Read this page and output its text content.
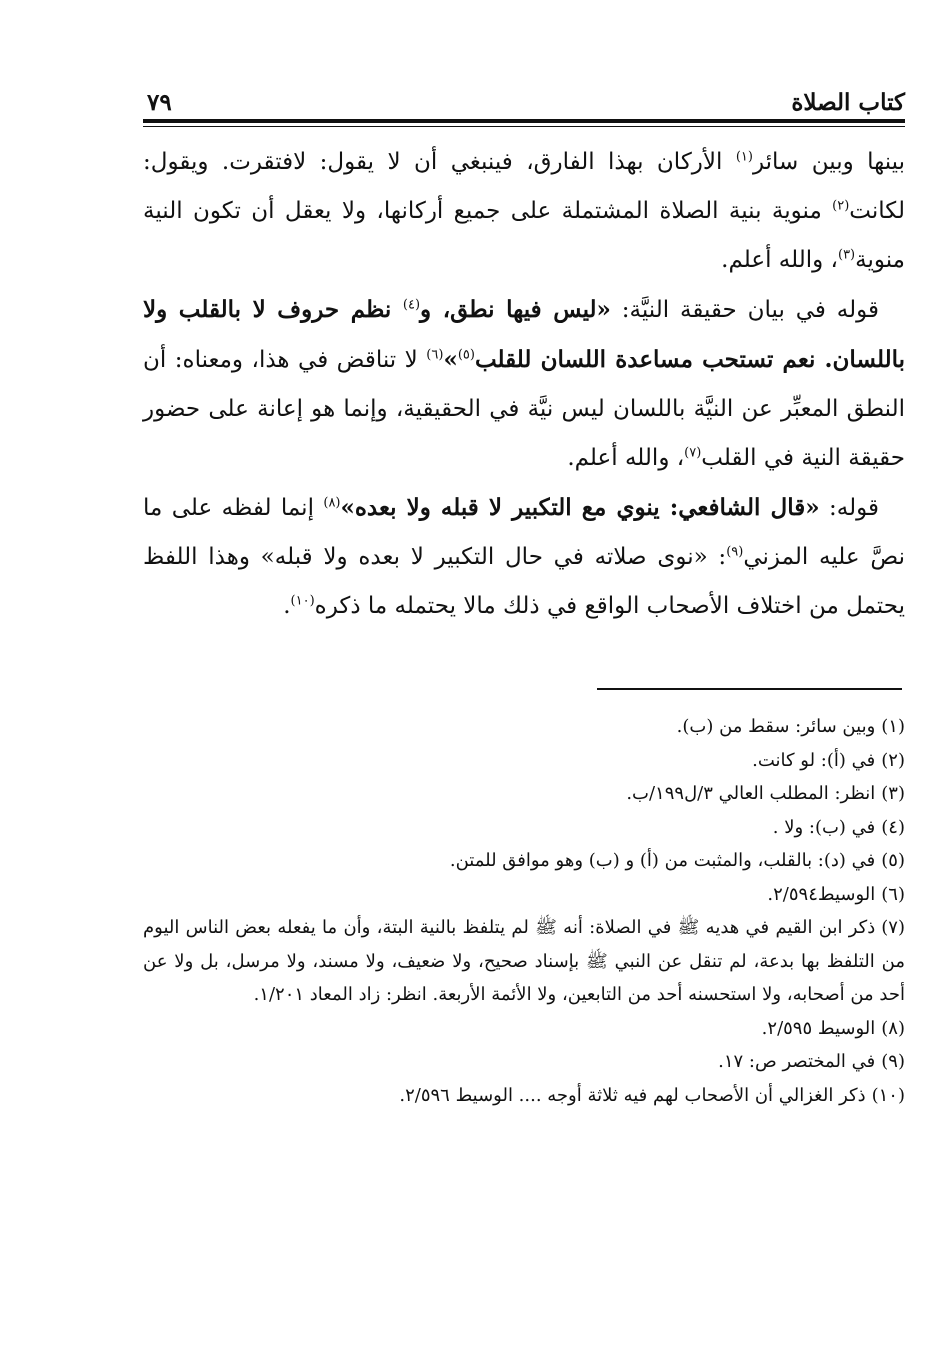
كتاب الصلاة
٧٩

بينها وبين سائر$^{(١)}$ الأركان بهذا الفارق، فينبغي أن لا يقول: لافتقرت. ويقول: لكانت$^{(٢)}$ منوية بنية الصلاة المشتملة على جميع أركانها، ولا يعقل أن تكون النية منوية$^{(٣)}$، والله أعلم.

قوله في بيان حقيقة النيَّة: «ليس فيها نطق، و$^{(٤)}$ نظم حروف لا بالقلب ولا باللسان. نعم تستحب مساعدة اللسان للقلب$^{(٥)}$»$^{(٦)}$ لا تناقض في هذا، ومعناه: أن النطق المعبِّر عن النيَّة باللسان ليس نيَّة في الحقيقية، وإنما هو إعانة على حضور حقيقة النية في القلب$^{(٧)}$، والله أعلم.

قوله: «قال الشافعي: ينوي مع التكبير لا قبله ولا بعده»$^{(٨)}$ إنما لفظه على ما نصَّ عليه المزني$^{(٩)}$: «نوى صلاته في حال التكبير لا بعده ولا قبله» وهذا اللفظ يحتمل من اختلاف الأصحاب الواقع في ذلك مالا يحتمله ما ذكره$^{(١٠)}$.

(١)وبين سائر: سقط من (ب).

(٢)في (أ): لو كانت.

(٣)انظر: المطلب العالي ٣/ل١٩٩/ب.

(٤)في (ب): ولا .

(٥)في (د): بالقلب، والمثبت من (أ) و (ب) وهو موافق للمتن.

(٦)الوسيط٢/٥٩٤.

(٧)ذكر ابن القيم في هديه ﷺ في الصلاة: أنه ﷺ لم يتلفظ بالنية البتة، وأن ما يفعله بعض الناس اليوم من التلفظ بها بدعة، لم تنقل عن النبي ﷺ بإسناد صحيح، ولا ضعيف، ولا مسند، ولا مرسل، بل ولا عن أحد من أصحابه، ولا استحسنه أحد من التابعين، ولا الأئمة الأربعة. انظر: زاد المعاد ١/٢٠١.

(٨)الوسيط ٢/٥٩٥.

(٩)في المختصر ص: ١٧.

(١٠)ذكر الغزالي أن الأصحاب لهم فيه ثلاثة أوجه .... الوسيط ٢/٥٩٦.
